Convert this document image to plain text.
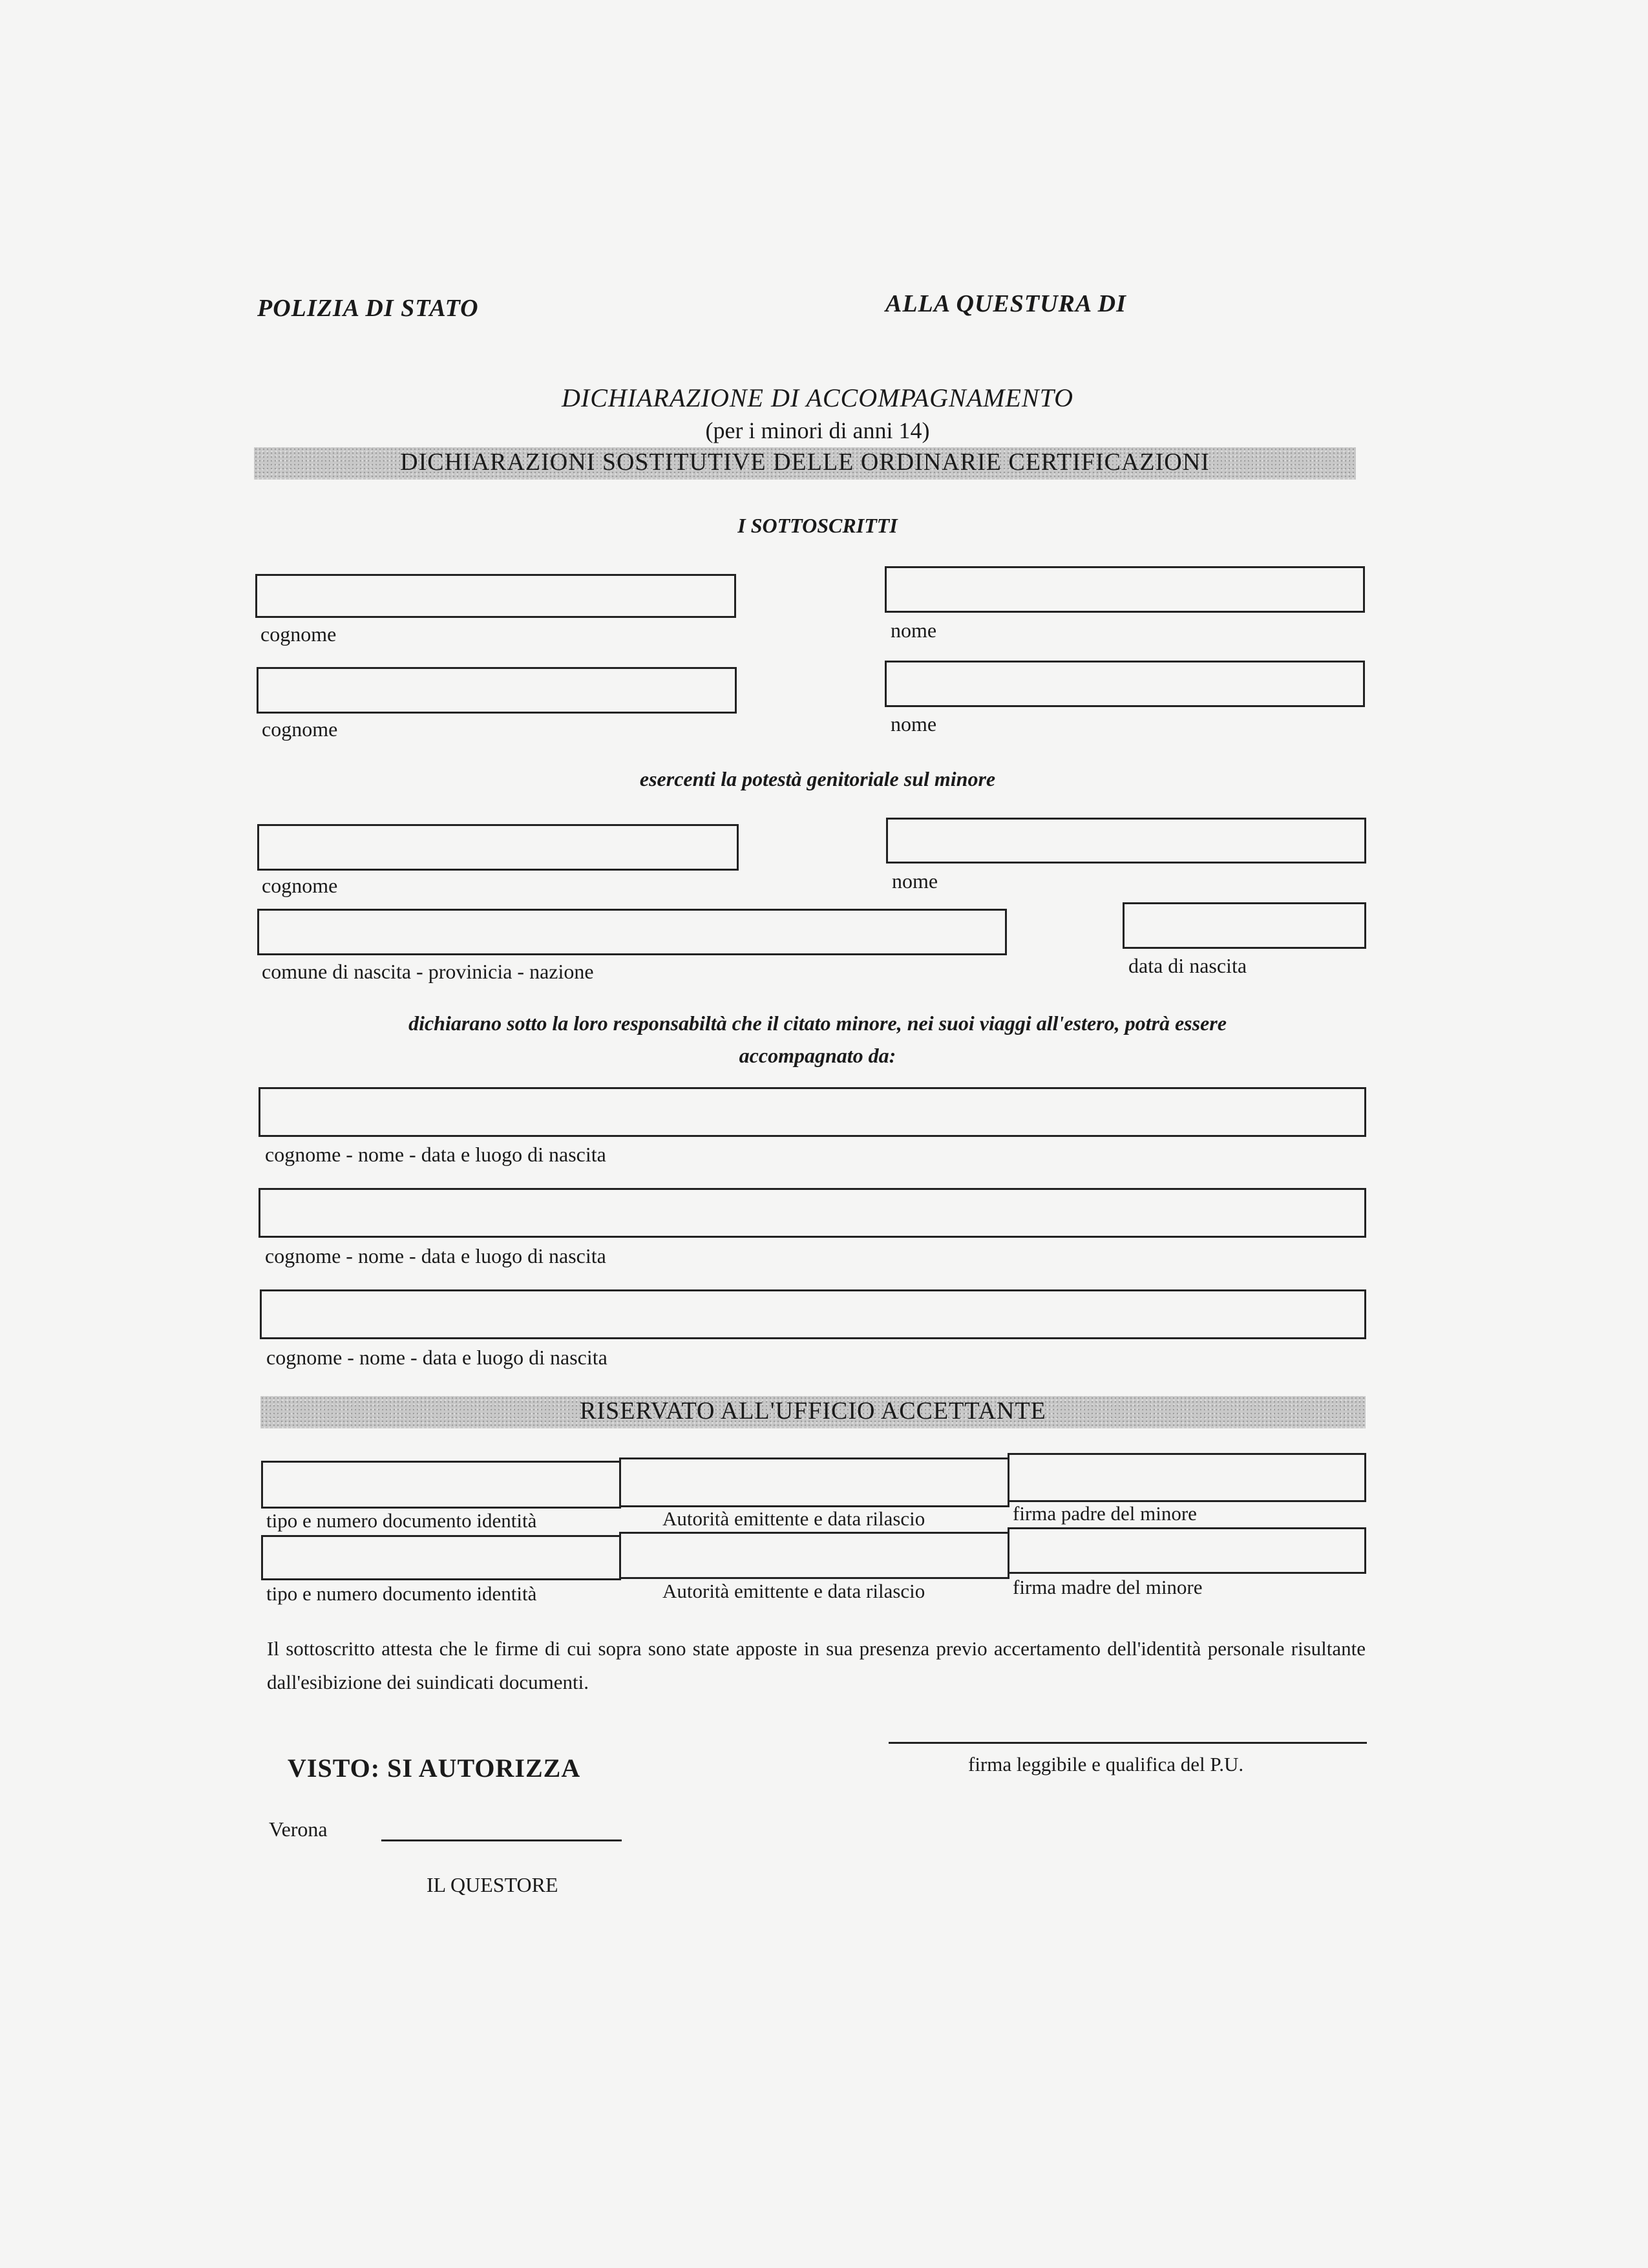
POLIZIA DI STATO	ALLA QUESTURA DI
DICHIARAZIONE DI ACCOMPAGNAMENTO
(per i minori di anni 14)
DICHIARAZIONI SOSTITUTIVE DELLE ORDINARIE CERTIFICAZIONI
I SOTTOSCRITTI
cognome	nome
cognome	nome
esercenti la potestà genitoriale sul minore
cognome	nome
comune di nascita - provinicia - nazione	data di nascita
dichiarano sotto la loro responsabiltà che il citato minore, nei suoi viaggi all'estero, potrà essere
accompagnato da:
cognome - nome - data e luogo di nascita
cognome - nome - data e luogo di nascita
cognome - nome - data e luogo di nascita
RISERVATO ALL'UFFICIO ACCETTANTE
tipo e numero documento identità	Autorità emittente e data rilascio	firma padre del minore
tipo e numero documento identità	Autorità emittente e data rilascio	firma madre del minore
Il sottoscritto attesta che le firme di cui sopra sono state apposte in sua presenza previo accertamento dell'identità personale risultante dall'esibizione dei suindicati documenti.
VISTO: SI AUTORIZZA	firma leggibile e qualifica del P.U.
Verona
IL QUESTORE
